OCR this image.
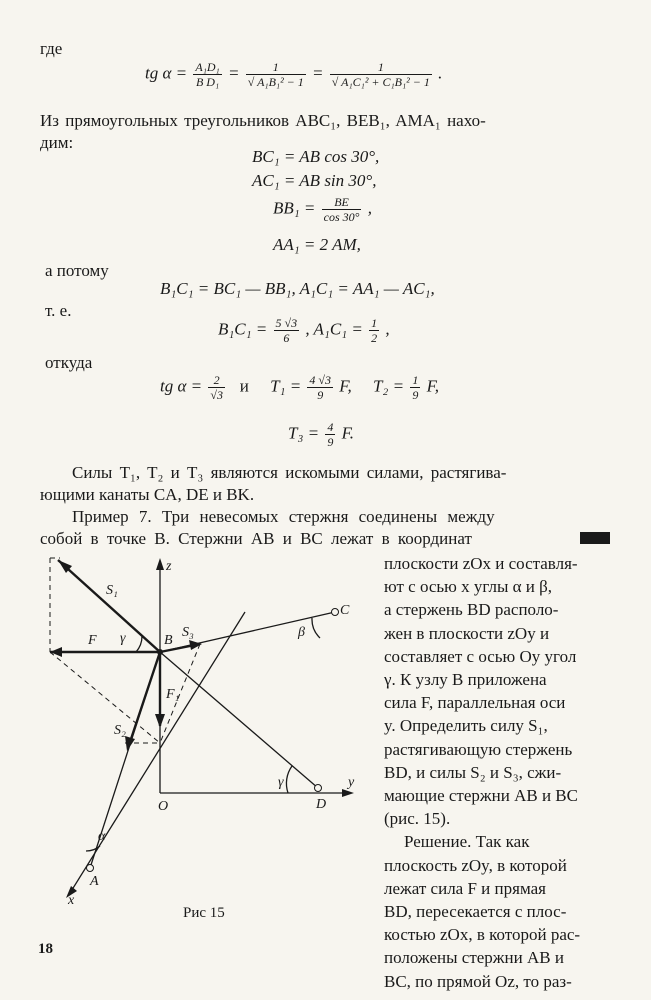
где
tg $\alpha = \frac{\text{A₁D₁}}{\text{B D₁}} = \frac{1}{\text{√ A₁B₁² − 1}} = \frac{1}{\text{√ A₁C₁² + C₁B₁² − 1}}$ .
Из прямоугольных треугольников ABC₁, BEB₁, AMA₁ нахо-
дим:
BC₁ = AB cos 30°,
AC₁ = AB sin 30°,
$BB_1 = \frac{BE}{\cos 30^\circ}$ ,
AA₁ = 2 AM,
а потому
B₁C₁ = BC₁ — BB₁, A₁C₁ = AA₁ — AC₁,
т. е.
$B_1C_1 = \frac{5 √3}{6}$ , $A_1C_1 = \frac{1}{2}$ ,
откуда
tg $\alpha = \frac{2}{√3}$ и $T_1 = \frac{4 √3}{9} F$, $T_2 = \frac{1}{9} F$,
$T_3 = \frac{4}{9} F$.
Силы T₁, T₂ и T₃ являются искомыми силами, растягива-
ющими канаты CA, DE и BK.
Пример 7. Три невесомых стержня соединены между
собой в точке B. Стержни AB и BC лежат в координат
плоскости zOx и составля-
ют с осью x углы α и β,
а стержень BD располо-
жен в плоскости zOy и
составляет с осью Oy угол
γ. К узлу B приложена
сила F, параллельная оси
y. Определить силу S₁,
растягивающую стержень
BD, и силы S₂ и S₃, сжи-
мающие стержни AB и BC
(рис. 15).
Решение. Так как
плоскость zOy, в которой
лежат сила F и прямая
BD, пересекается с плос-
костью zOx, в которой рас-
положены стержни AB и
BC, по прямой Oz, то раз-
z
y
x
O
A
B
C
D
S₁
F
F₁
S₂
S₃
α
β
γ
γ
Рис 15
18
